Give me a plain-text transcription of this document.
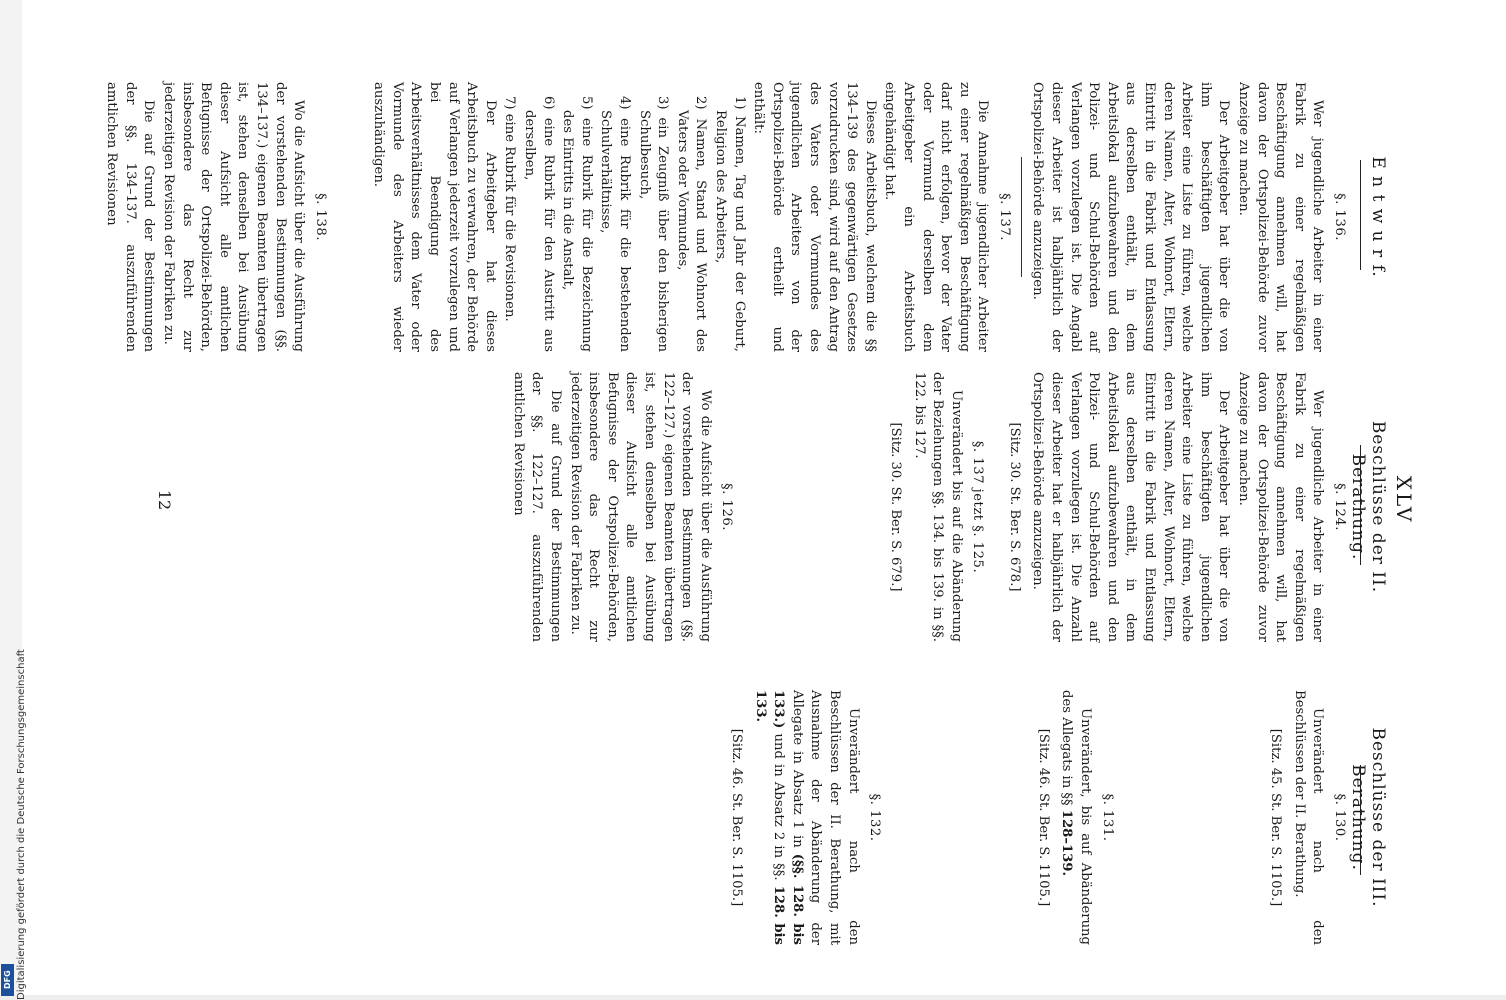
XLV
E n t w u r f.
Beschlüsse der II. Berathung.
Beschlüsse der III. Berathung.

§. 136.

Wer jugendliche Arbeiter in einer Fabrik zu einer regelmäßigen Beschäftigung annehmen will, hat davon der Ortspolizei-Behörde zuvor Anzeige zu machen.

Der Arbeitgeber hat über die von ihm beschäftigten jugendlichen Arbeiter eine Liste zu führen, welche deren Namen, Alter, Wohnort, Eltern, Eintritt in die Fabrik und Entlassung aus derselben enthält, in dem Arbeitslokal aufzubewahren und den Polizei- und Schul-Behörden auf Verlangen vorzulegen ist. Die Angabl dieser Arbeiter ist halbjährlich der Ortspolizei-Behörde anzuzeigen.

§. 137.

Die Annahme jugendlicher Arbeiter zu einer regelmäßigen Beschäftigung darf nicht erfolgen, bevor der Vater oder Vormund derselben dem Arbeitgeber ein Arbeitsbuch eingehändigt hat.

Dieses Arbeitsbuch, welchem die §§ 134–139 des gegenwärtigen Gesetzes vorzudrucken sind, wird auf den Antrag des Vaters oder Vormundes des jugendlichen Arbeiters von der Ortspolizei-Behörde ertheilt und enthält:

1) Namen, Tag und Jahr der Geburt, Religion des Arbeiters,

2) Namen, Stand und Wohnort des Vaters oder Vormundes,

3) ein Zeugniß über den bisherigen Schulbesuch,

4) eine Rubrik für die bestehenden Schulverhältnisse,

5) eine Rubrik für die Bezeichnung des Eintritts in die Anstalt,

6) eine Rubrik für den Austritt aus derselben,

7) eine Rubrik für die Revisionen.

Der Arbeitgeber hat dieses Arbeitsbuch zu verwahren, der Behörde auf Verlangen jederzeit vorzulegen und bei Beendigung des Arbeitsverhältnisses dem Vater oder Vormunde des Arbeiters wieder auszuhändigen.

§. 138.

Wo die Aufsicht über die Ausführung der vorstehenden Bestimmungen (§§. 134–137.) eigenen Beamten übertragen ist, stehen denselben bei Ausübung dieser Aufsicht alle amtlichen Befugnisse der Ortspolizei-Behörden, insbesondere das Recht zur jederzeitigen Revision der Fabriken zu.

Die auf Grund der Bestimmungen der §§. 134–137. auszuführenden amtlichen Revisionen

§. 124.

Wer jugendliche Arbeiter in einer Fabrik zu einer regelmäßigen Beschäftigung annehmen will, hat davon der Ortspolizei-Behörde zuvor Anzeige zu machen.

Der Arbeitgeber hat über die von ihm beschäftigten jugendlichen Arbeiter eine Liste zu führen, welche deren Namen, Alter, Wohnort, Eltern, Eintritt in die Fabrik und Entlassung aus derselben enthält, in dem Arbeitslokal aufzubewahren und den Polizei- und Schul-Behörden auf Verlangen vorzulegen ist. Die Anzahl dieser Arbeiter hat er halbjährlich der Ortspolizei-Behörde anzuzeigen.

[Sitz. 30. St. Ber. S. 678.]

§. 137 jetzt §. 125.

Unverändert bis auf die Abänderung der Beziehungen §§. 134. bis 139. in §§. 122. bis 127.

[Sitz. 30. St. Ber. S. 679.]

§. 126.

Wo die Aufsicht über die Ausführung der vorstehenden Bestimmungen (§§. 122–127.) eigenen Beamten übertragen ist, stehen denselben bei Ausübung dieser Aufsicht alle amtlichen Befugnisse der Ortspolizei-Behörden, insbesondere das Recht zur jederzeitigen Revision der Fabriken zu.

Die auf Grund der Bestimmungen der §§. 122–127. auszuführenden amtlichen Revisionen

§. 130.

Unverändert nach den Beschlüssen der II. Berathung.

[Sitz. 45. St. Ber. S. 1105.]

§. 131.

Unverändert, bis auf Abänderung des Allegats in §§ 128–139.

[Sitz. 46. St. Ber. S. 1105.]

§. 132.

Unverändert nach den Beschlüssen der II. Berathung, mit Ausnahme der Abänderung der Allegate in Absatz 1 in (§§. 128. bis 133.) und in Absatz 2 in §§. 128. bis 133.

[Sitz. 46. St. Ber. S. 1105.]

12
Digitalisierung gefördert durch die Deutsche Forschungsgemeinschaft
DFG
